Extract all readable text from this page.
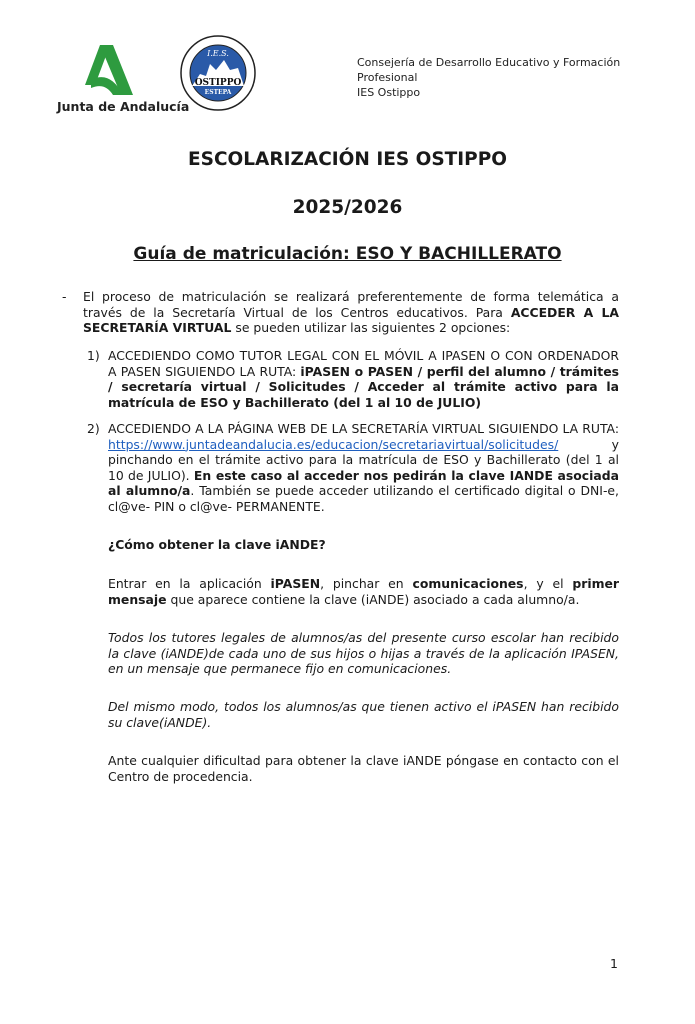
Junta de Andalucía
I.E.S.
OSTIPPO
ESTEPA
Consejería de Desarrollo Educativo y Formación
Profesional
IES Ostippo
ESCOLARIZACIÓN IES OSTIPPO
2025/2026
Guía de matriculación: ESO Y BACHILLERATO
- El proceso de matriculación se realizará preferentemente de forma telemática a través de la Secretaría Virtual de los Centros educativos. Para ACCEDER A LA SECRETARÍA VIRTUAL se pueden utilizar las siguientes 2 opciones:
1) ACCEDIENDO COMO TUTOR LEGAL CON EL MÓVIL A IPASEN O CON ORDENADOR A PASEN SIGUIENDO LA RUTA: iPASEN o PASEN / perfil del alumno / trámites / secretaría virtual / Solicitudes / Acceder al trámite activo para la matrícula de ESO y Bachillerato (del 1 al 10 de JULIO)
2) ACCEDIENDO A LA PÁGINA WEB DE LA SECRETARÍA VIRTUAL SIGUIENDO LA RUTA: https://www.juntadeandalucia.es/educacion/secretariavirtual/solicitudes/ y pinchando en el trámite activo para la matrícula de ESO y Bachillerato (del 1 al 10 de JULIO). En este caso al acceder nos pedirán la clave IANDE asociada al alumno/a. También se puede acceder utilizando el certificado digital o DNI-e, cl@ve- PIN o cl@ve- PERMANENTE.
¿Cómo obtener la clave iANDE?
Entrar en la aplicación iPASEN, pinchar en comunicaciones, y el primer mensaje que aparece contiene la clave (iANDE) asociado a cada alumno/a.
Todos los tutores legales de alumnos/as del presente curso escolar han recibido la clave (iANDE)de cada uno de sus hijos o hijas a través de la aplicación IPASEN, en un mensaje que permanece fijo en comunicaciones.
Del mismo modo, todos los alumnos/as que tienen activo el iPASEN han recibido su clave(iANDE).
Ante cualquier dificultad para obtener la clave iANDE póngase en contacto con el Centro de procedencia.
1
